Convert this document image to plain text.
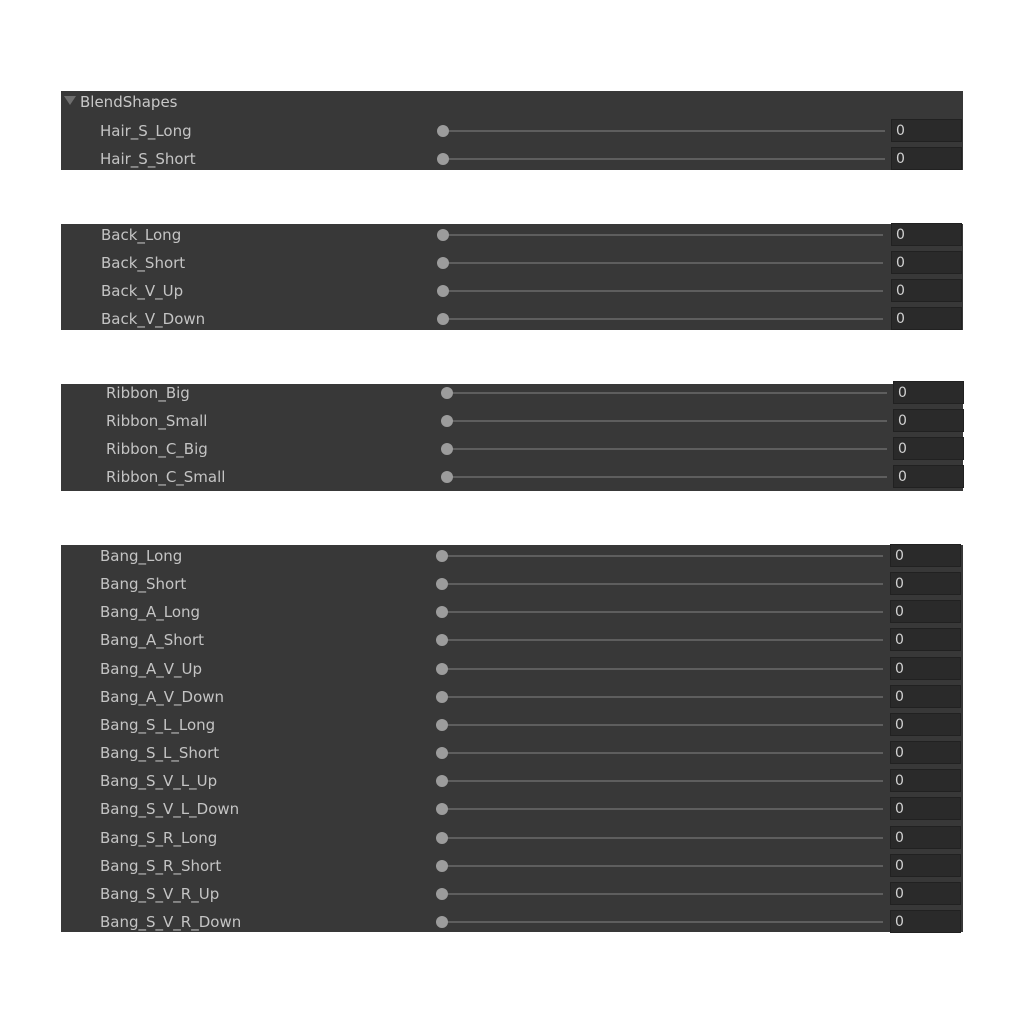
BlendShapes
Hair_S_Long	0
Hair_S_Short	0
Back_Long	0
Back_Short	0
Back_V_Up	0
Back_V_Down	0
Ribbon_Big	0
Ribbon_Small	0
Ribbon_C_Big	0
Ribbon_C_Small	0
Bang_Long	0
Bang_Short	0
Bang_A_Long	0
Bang_A_Short	0
Bang_A_V_Up	0
Bang_A_V_Down	0
Bang_S_L_Long	0
Bang_S_L_Short	0
Bang_S_V_L_Up	0
Bang_S_V_L_Down	0
Bang_S_R_Long	0
Bang_S_R_Short	0
Bang_S_V_R_Up	0
Bang_S_V_R_Down	0
